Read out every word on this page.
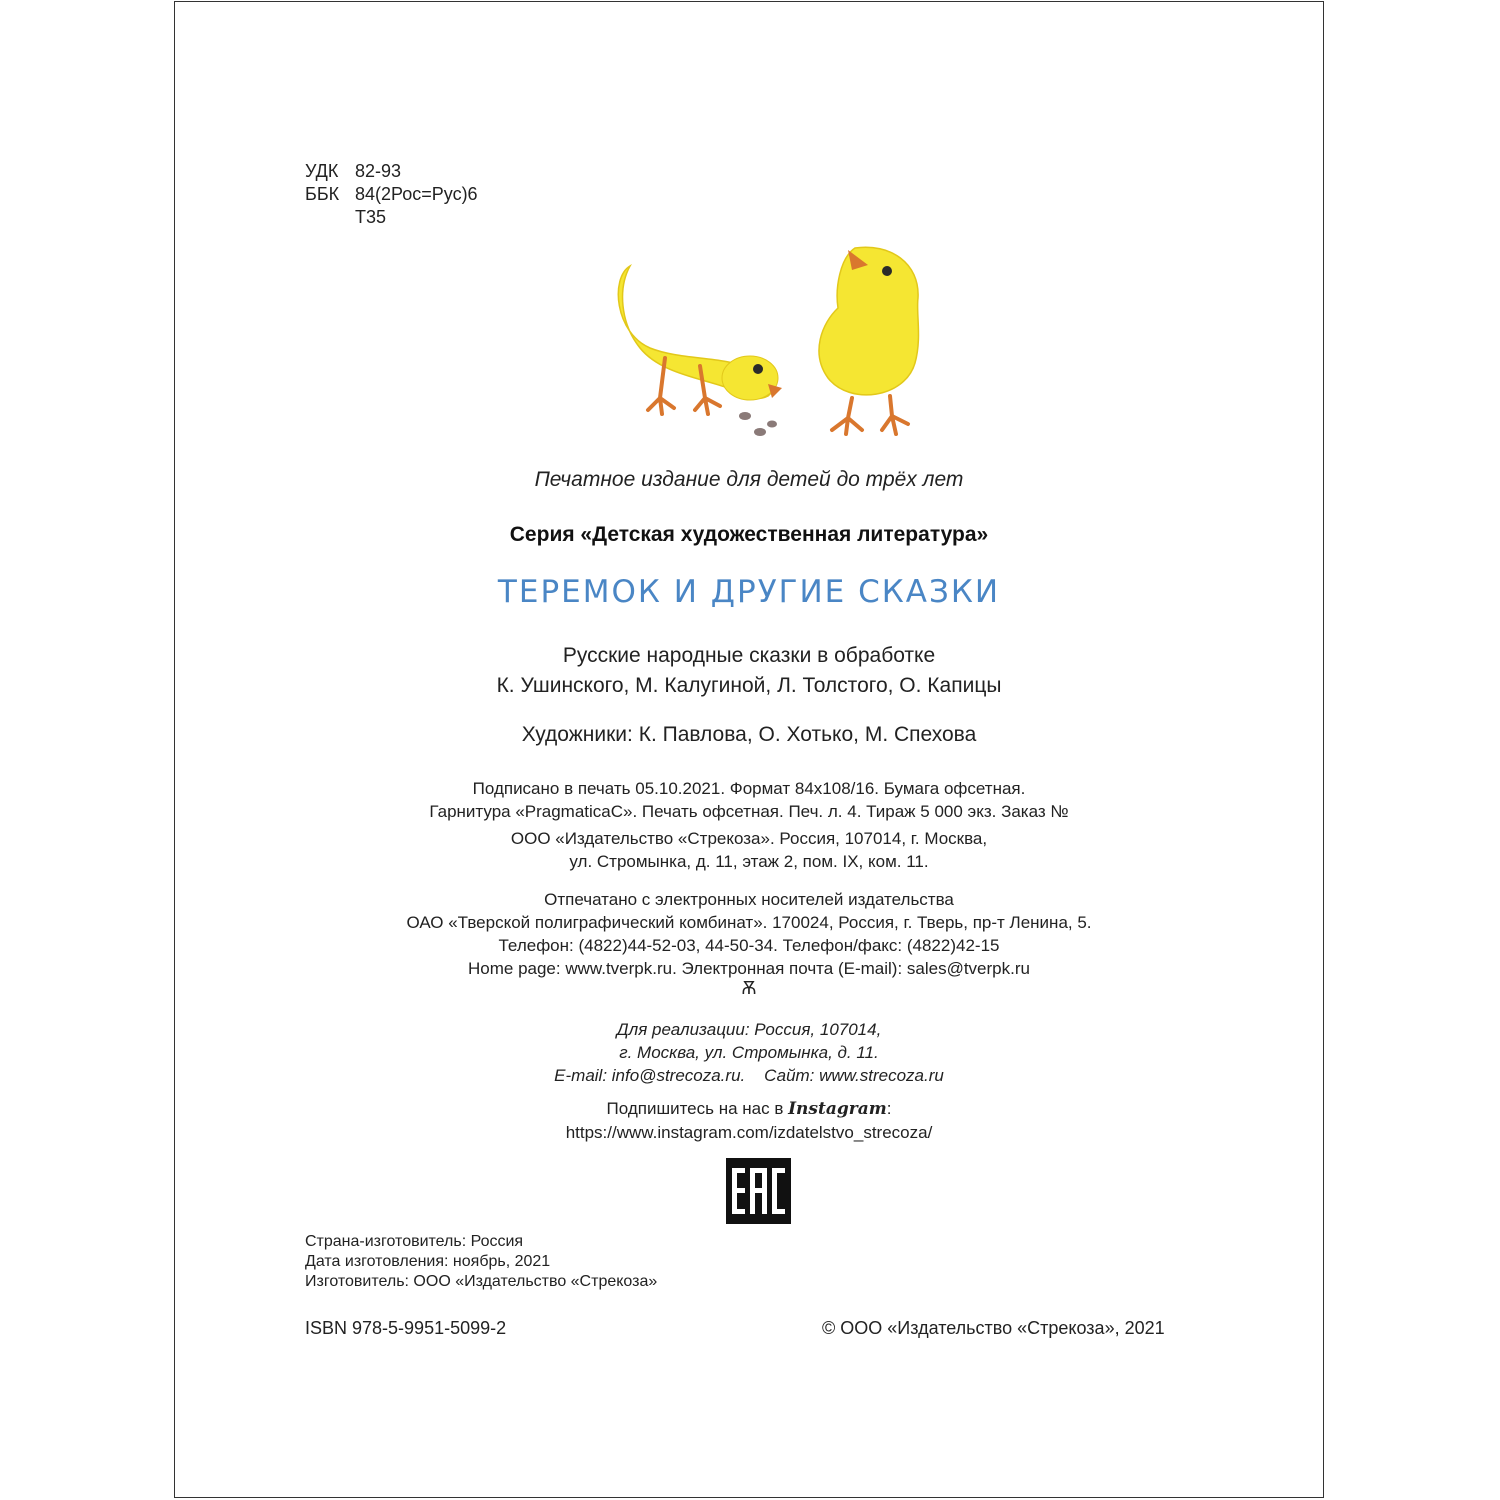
УДК 82-93
ББК 84(2Рос=Рус)6
Т35
Печатное издание для детей до трёх лет
Серия «Детская художественная литература»
ТЕРЕМОК И ДРУГИЕ СКАЗКИ
Русские народные сказки в обработке
К. Ушинского, М. Калугиной, Л. Толстого, О. Капицы
Художники: К. Павлова, О. Хотько, М. Спехова
Подписано в печать 05.10.2021. Формат 84x108/16. Бумага офсетная.
Гарнитура «PragmaticaC». Печать офсетная. Печ. л. 4. Тираж 5 000 экз. Заказ №
ООО «Издательство «Стрекоза». Россия, 107014, г. Москва,
ул. Стромынка, д. 11, этаж 2, пом. IX, ком. 11.
Отпечатано с электронных носителей издательства
ОАО «Тверской полиграфический комбинат». 170024, Россия, г. Тверь, пр-т Ленина, 5.
Телефон: (4822)44-52-03, 44-50-34. Телефон/факс: (4822)42-15
Home page: www.tverpk.ru. Электронная почта (E-mail): sales@tverpk.ru
Ѫ
Для реализации: Россия, 107014,
г. Москва, ул. Стромынка, д. 11.
E-mail: info@strecoza.ru.    Сайт: www.strecoza.ru
Подпишитесь на нас в Instagram:
https://www.instagram.com/izdatelstvo_strecoza/
Страна-изготовитель: Россия
Дата изготовления: ноябрь, 2021
Изготовитель: ООО «Издательство «Стрекоза»
ISBN 978-5-9951-5099-2	© ООО «Издательство «Стрекоза», 2021
